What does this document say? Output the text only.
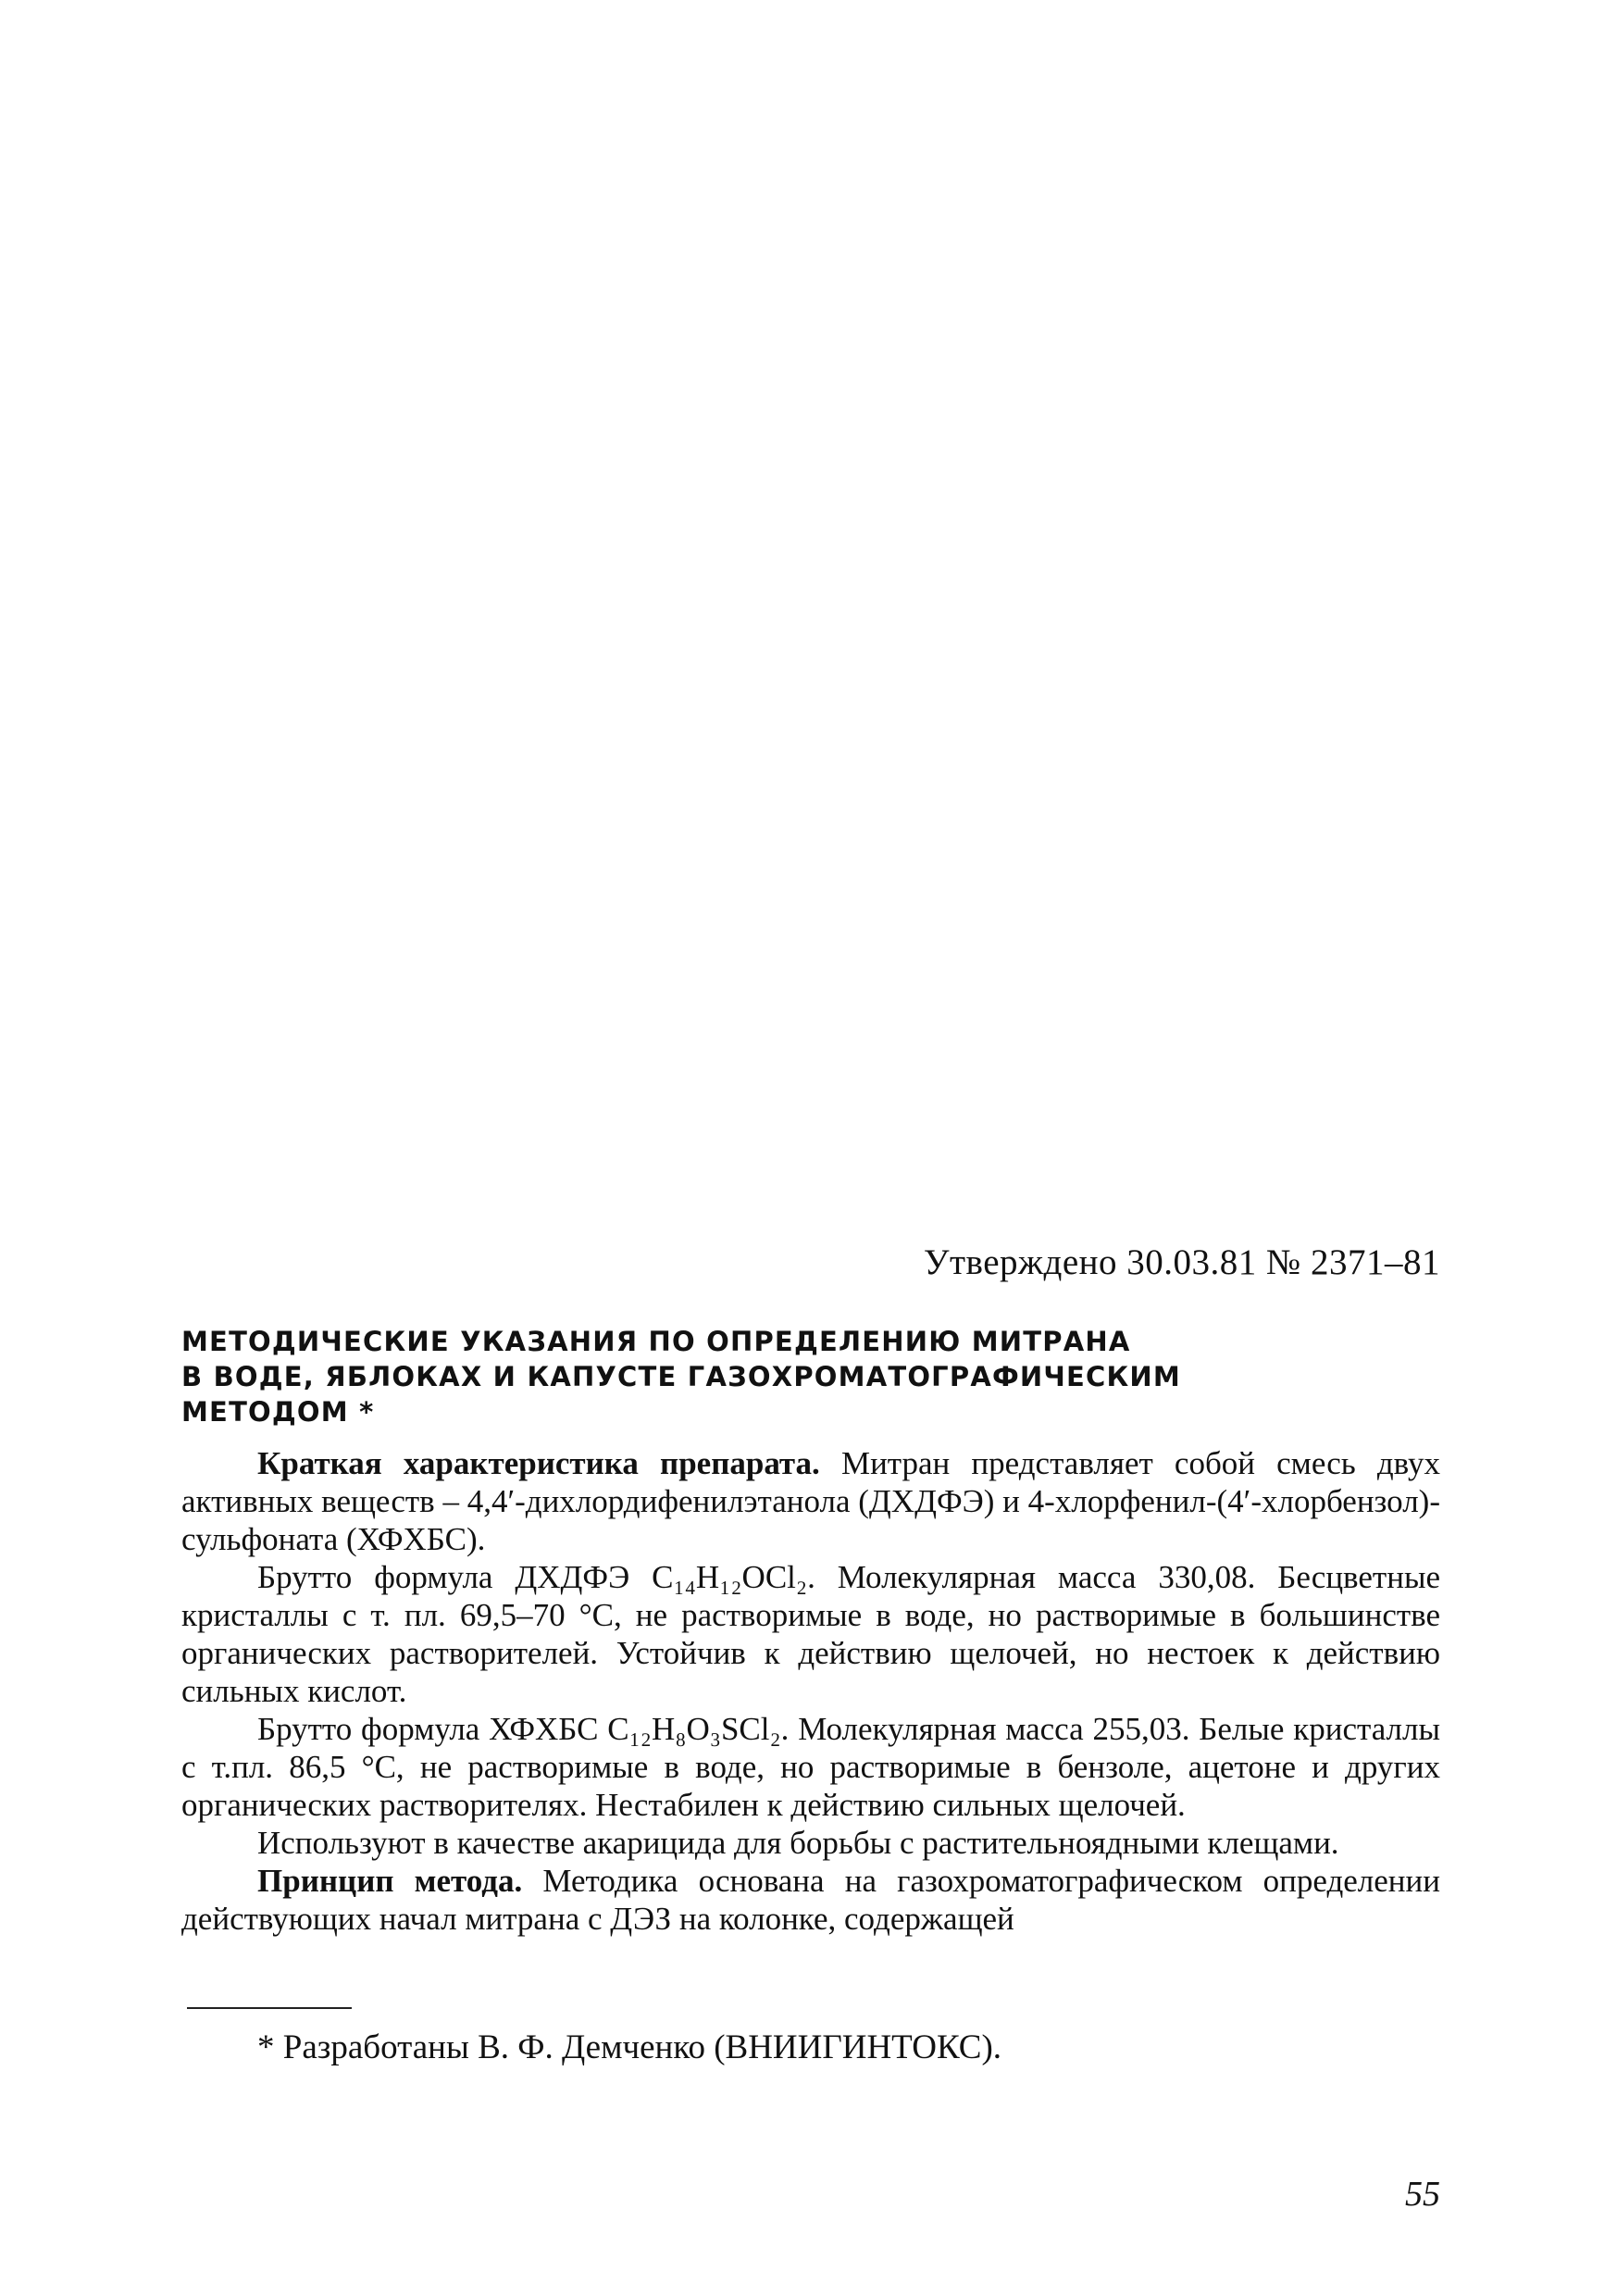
Утверждено 30.03.81 № 2371–81
МЕТОДИЧЕСКИЕ УКАЗАНИЯ ПО ОПРЕДЕЛЕНИЮ МИТРАНА
В ВОДЕ, ЯБЛОКАХ И КАПУСТЕ ГАЗОХРОМАТОГРАФИЧЕСКИМ
МЕТОДОМ *

Краткая характеристика препарата. Митран представляет собой смесь двух активных веществ – 4,4′-дихлордифенилэтанола (ДХДФЭ) и 4-хлорфенил-(4′-хлорбензол)-сульфоната (ХФХБС).

Брутто формула ДХДФЭ C₁₄H₁₂OCl₂. Молекулярная масса 330,08. Бесцветные кристаллы с т. пл. 69,5–70 °С, не растворимые в воде, но растворимые в большинстве органических растворителей. Устойчив к действию щелочей, но нестоек к действию сильных кислот.

Брутто формула ХФХБС C₁₂H₈O₃SCl₂. Молекулярная масса 255,03. Белые кристаллы с т.пл. 86,5 °С, не растворимые в воде, но растворимые в бензоле, ацетоне и других органических растворителях. Нестабилен к действию сильных щелочей.

Используют в качестве акарицида для борьбы с растительноядными клещами.

Принцип метода. Методика основана на газохроматографическом определении действующих начал митрана с ДЭЗ на колонке, содержащей

* Разработаны В. Ф. Демченко (ВНИИГИНТОКС).
55
